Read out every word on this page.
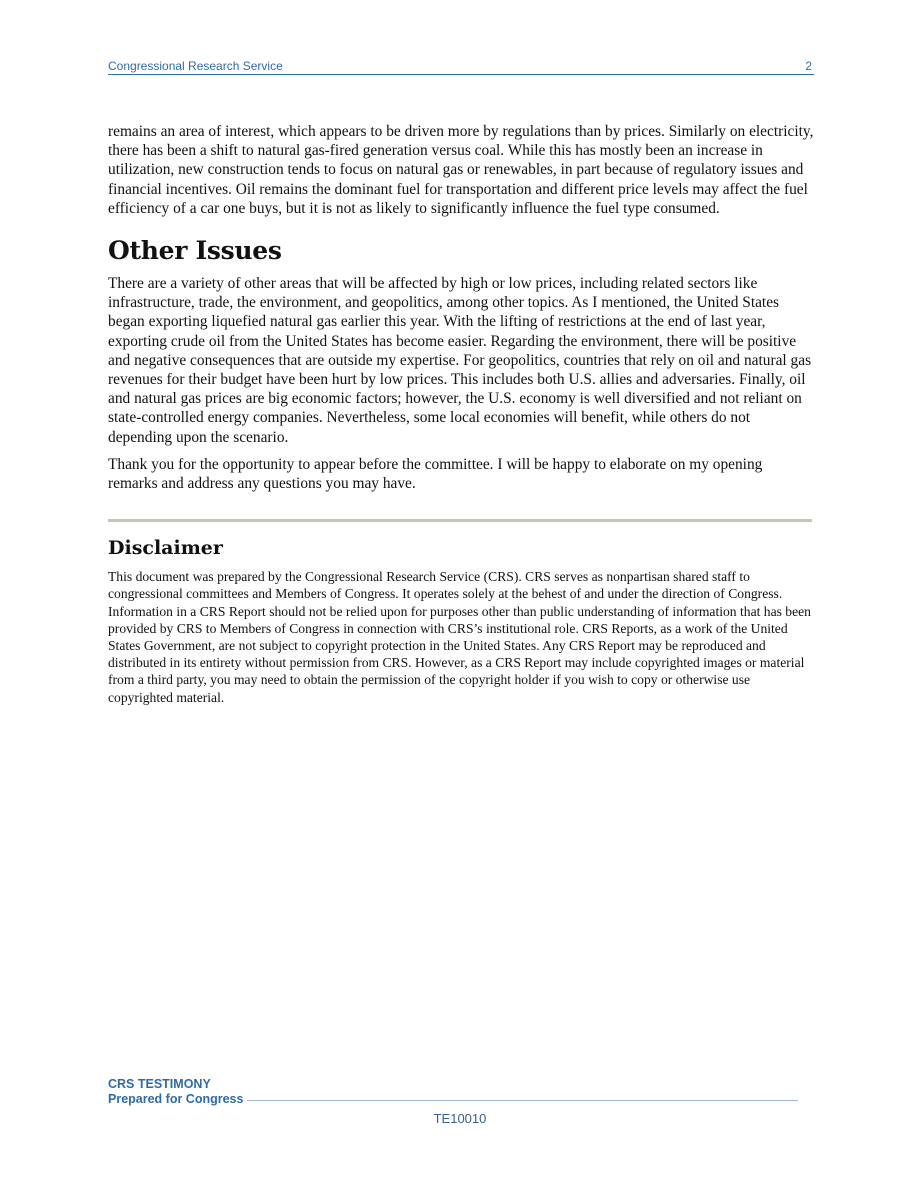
Congressional Research Service	2

remains an area of interest, which appears to be driven more by regulations than by prices. Similarly on electricity, there has been a shift to natural gas-fired generation versus coal. While this has mostly been an increase in utilization, new construction tends to focus on natural gas or renewables, in part because of regulatory issues and financial incentives. Oil remains the dominant fuel for transportation and different price levels may affect the fuel efficiency of a car one buys, but it is not as likely to significantly influence the fuel type consumed.

Other Issues

There are a variety of other areas that will be affected by high or low prices, including related sectors like infrastructure, trade, the environment, and geopolitics, among other topics. As I mentioned, the United States began exporting liquefied natural gas earlier this year. With the lifting of restrictions at the end of last year, exporting crude oil from the United States has become easier. Regarding the environment, there will be positive and negative consequences that are outside my expertise. For geopolitics, countries that rely on oil and natural gas revenues for their budget have been hurt by low prices. This includes both U.S. allies and adversaries. Finally, oil and natural gas prices are big economic factors; however, the U.S. economy is well diversified and not reliant on state-controlled energy companies. Nevertheless, some local economies will benefit, while others do not depending upon the scenario.

Thank you for the opportunity to appear before the committee. I will be happy to elaborate on my opening remarks and address any questions you may have.

Disclaimer

This document was prepared by the Congressional Research Service (CRS). CRS serves as nonpartisan shared staff to congressional committees and Members of Congress. It operates solely at the behest of and under the direction of Congress. Information in a CRS Report should not be relied upon for purposes other than public understanding of information that has been provided by CRS to Members of Congress in connection with CRS’s institutional role. CRS Reports, as a work of the United States Government, are not subject to copyright protection in the United States. Any CRS Report may be reproduced and distributed in its entirety without permission from CRS. However, as a CRS Report may include copyrighted images or material from a third party, you may need to obtain the permission of the copyright holder if you wish to copy or otherwise use copyrighted material.

CRS TESTIMONY
Prepared for Congress
TE10010
